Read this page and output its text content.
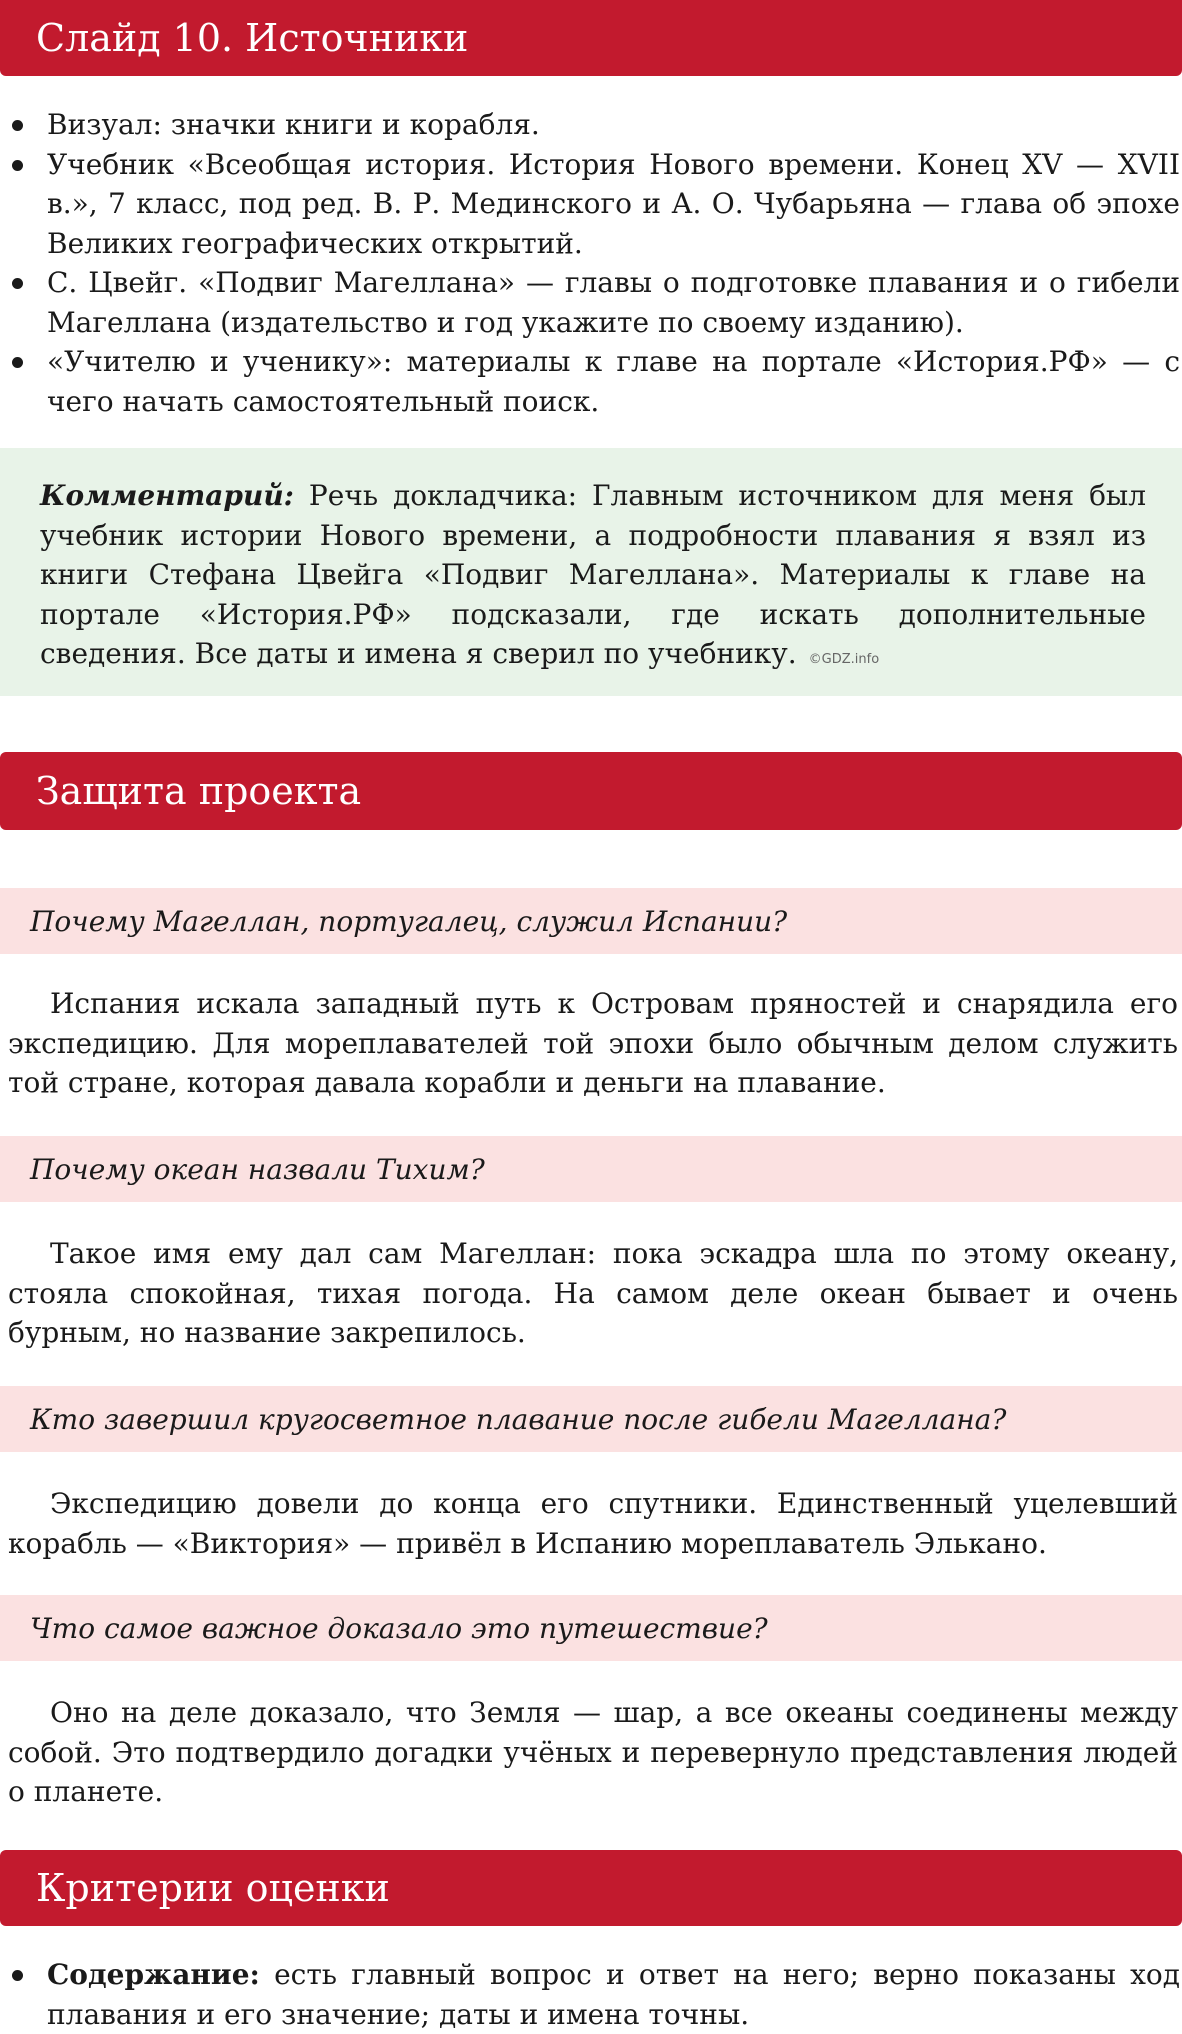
Слайд 10. Источники
Визуал: значки книги и корабля.
Учебник «Всеобщая история. История Нового времени. Конец XV — XVII в.», 7 класс, под ред. В. Р. Мединского и А. О. Чубарьяна — глава об эпохе Великих географических открытий.
С. Цвейг. «Подвиг Магеллана» — главы о подготовке плавания и о гибели Магеллана (издательство и год укажите по своему изданию).
«Учителю и ученику»: материалы к главе на портале «История.РФ» — с чего начать самостоятельный поиск.
Комментарий: Речь докладчика: Главным источником для меня был учебник истории Нового времени, а подробности плавания я взял из книги Стефана Цвейга «Подвиг Магеллана». Материалы к главе на портале «История.РФ» подсказали, где искать дополнительные сведения. Все даты и имена я сверил по учебнику. ©GDZ.info
Защита проекта
Почему Магеллан, португалец, служил Испании?

Испания искала западный путь к Островам пряностей и снарядила его экспедицию. Для мореплавателей той эпохи было обычным делом служить той стране, которая давала корабли и деньги на плавание.

Почему океан назвали Тихим?

Такое имя ему дал сам Магеллан: пока эскадра шла по этому океану, стояла спокойная, тихая погода. На самом деле океан бывает и очень бурным, но название закрепилось.

Кто завершил кругосветное плавание после гибели Магеллана?

Экспедицию довели до конца его спутники. Единственный уцелевший корабль — «Виктория» — привёл в Испанию мореплаватель Элькано.

Что самое важное доказало это путешествие?

Оно на деле доказало, что Земля — шар, а все океаны соединены между собой. Это подтвердило догадки учёных и перевернуло представления людей о планете.

Критерии оценки
Содержание: есть главный вопрос и ответ на него; верно показаны ход плавания и его значение; даты и имена точны.
